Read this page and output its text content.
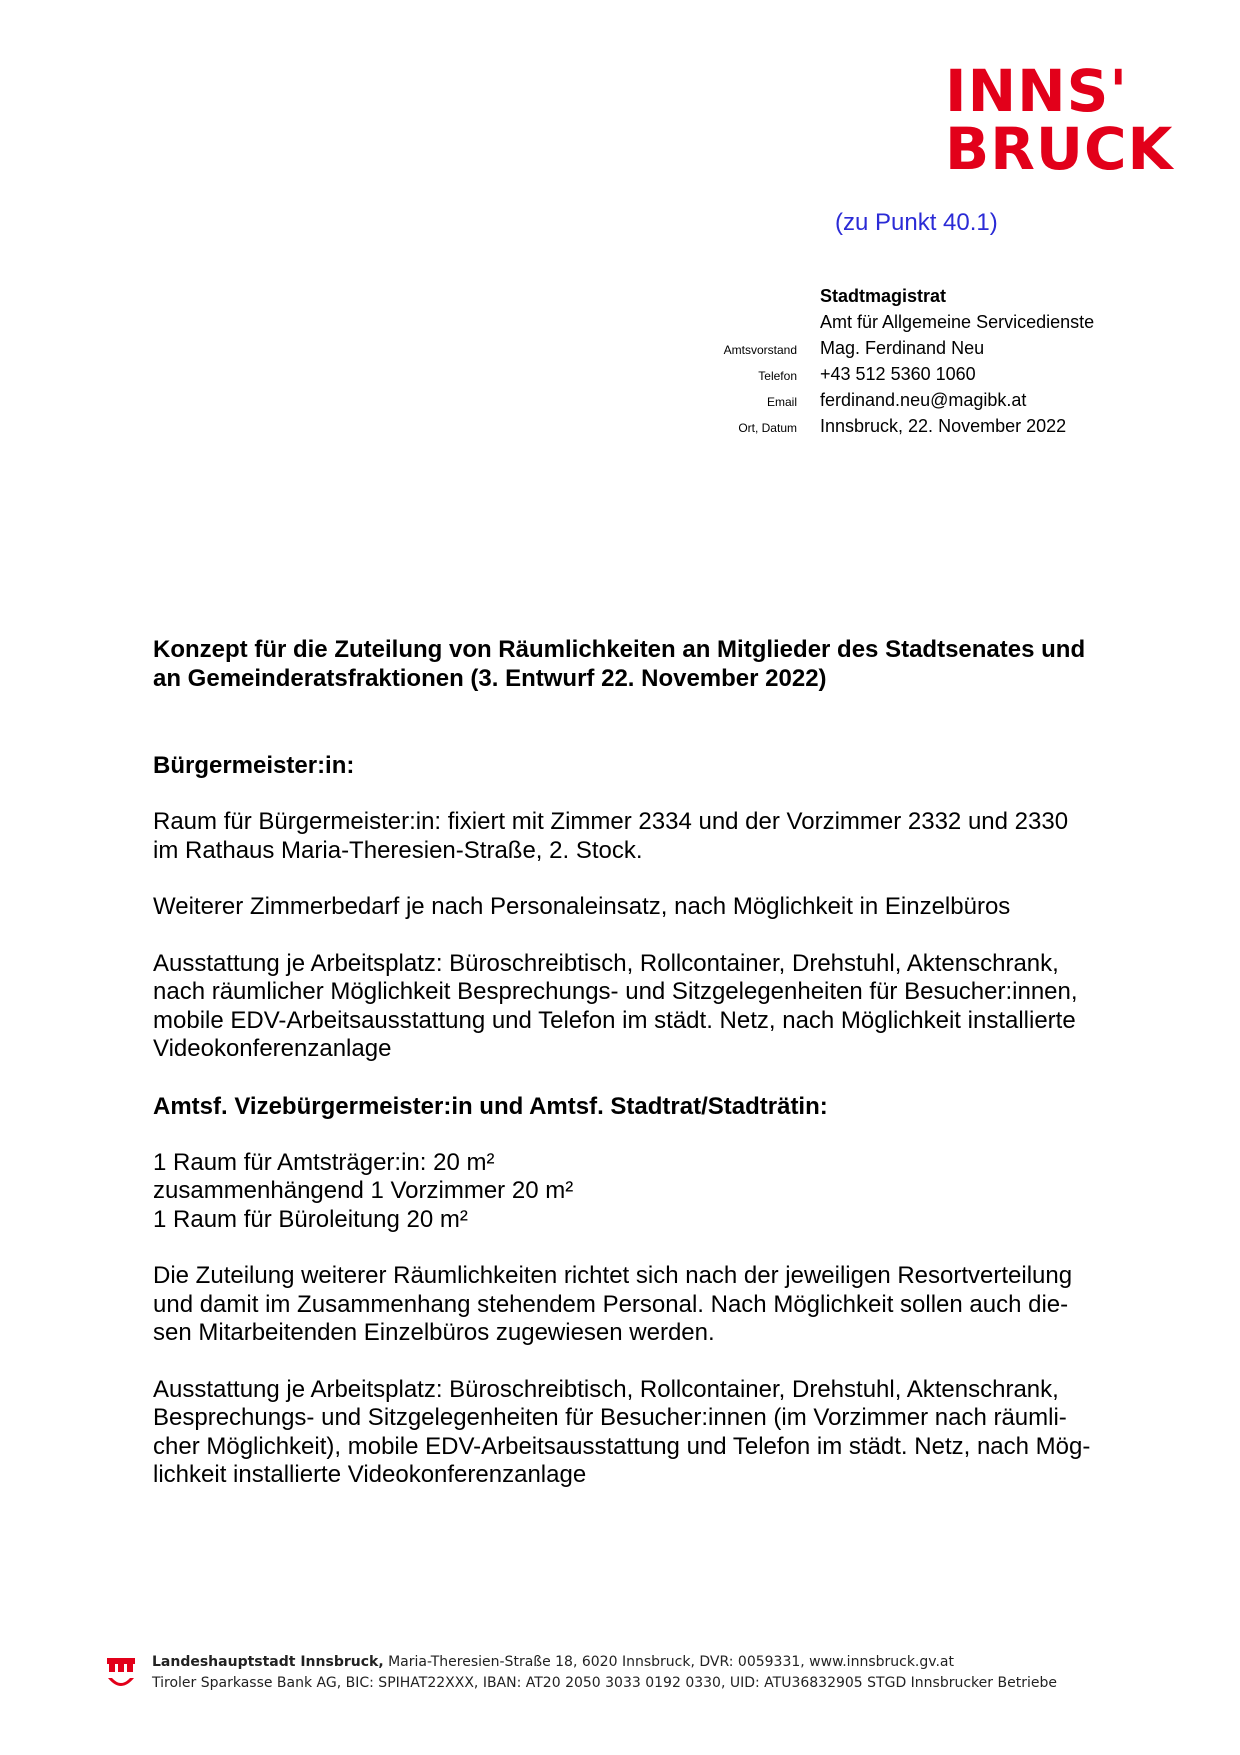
INNS'
BRUCK
(zu Punkt 40.1)
Amtsvorstand
Telefon
Email
Ort, Datum
Stadtmagistrat
Amt für Allgemeine Servicedienste
Mag. Ferdinand Neu
+43 512 5360 1060
ferdinand.neu@magibk.at
Innsbruck, 22. November 2022
Konzept für die Zuteilung von Räumlichkeiten an Mitglieder des Stadtsenates und
an Gemeinderatsfraktionen (3. Entwurf 22. November 2022)
Bürgermeister:in:
Raum für Bürgermeister:in: fixiert mit Zimmer 2334 und der Vorzimmer 2332 und 2330
im Rathaus Maria-Theresien-Straße, 2. Stock.
Weiterer Zimmerbedarf je nach Personaleinsatz, nach Möglichkeit in Einzelbüros
Ausstattung je Arbeitsplatz: Büroschreibtisch, Rollcontainer, Drehstuhl, Aktenschrank,
nach räumlicher Möglichkeit Besprechungs- und Sitzgelegenheiten für Besucher:innen,
mobile EDV-Arbeitsausstattung und Telefon im städt. Netz, nach Möglichkeit installierte
Videokonferenzanlage
Amtsf. Vizebürgermeister:in und Amtsf. Stadtrat/Stadträtin:
1 Raum für Amtsträger:in: 20 m²
zusammenhängend 1 Vorzimmer 20 m²
1 Raum für Büroleitung 20 m²
Die Zuteilung weiterer Räumlichkeiten richtet sich nach der jeweiligen Resortverteilung
und damit im Zusammenhang stehendem Personal. Nach Möglichkeit sollen auch die-
sen Mitarbeitenden Einzelbüros zugewiesen werden.
Ausstattung je Arbeitsplatz: Büroschreibtisch, Rollcontainer, Drehstuhl, Aktenschrank,
Besprechungs- und Sitzgelegenheiten für Besucher:innen (im Vorzimmer nach räumli-
cher Möglichkeit), mobile EDV-Arbeitsausstattung und Telefon im städt. Netz, nach Mög-
lichkeit installierte Videokonferenzanlage
Landeshauptstadt Innsbruck, Maria-Theresien-Straße 18, 6020 Innsbruck, DVR: 0059331, www.innsbruck.gv.at
Tiroler Sparkasse Bank AG, BIC: SPIHAT22XXX, IBAN: AT20 2050 3033 0192 0330, UID: ATU36832905 STGD Innsbrucker Betriebe
